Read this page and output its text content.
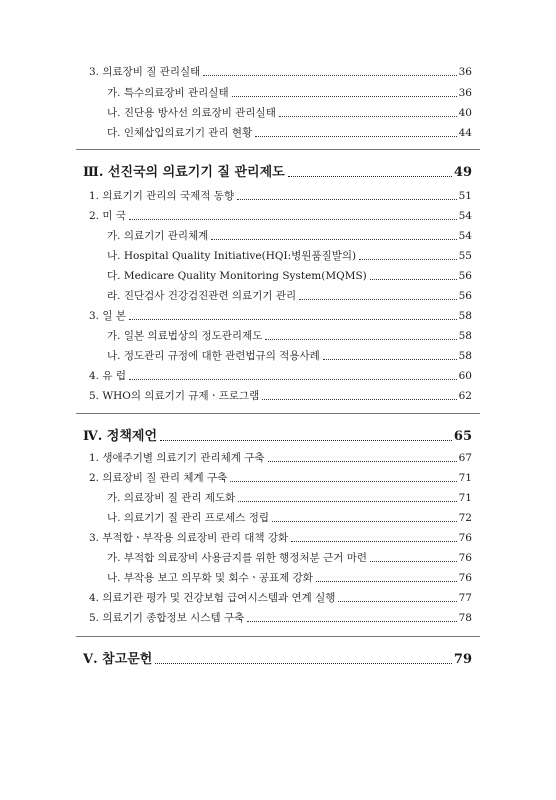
3. 의료장비 질 관리실태	36
가. 특수의료장비 관리실태	36
나. 진단용 방사선 의료장비 관리실태	40
다. 인체삽입의료기기 관리 현황	44
Ⅲ. 선진국의 의료기기 질 관리제도	49
1. 의료기기 관리의 국제적 동향	51
2. 미 국	54
가. 의료기기 관리체계	54
나. Hospital Quality Initiative(HQI:병원품질발의)	55
다. Medicare Quality Monitoring System(MQMS)	56
라. 진단검사 건강검진관련 의료기기 관리	56
3. 일 본	58
가. 일본 의료법상의 정도관리제도	58
나. 정도관리 규정에 대한 관련법규의 적용사례	58
4. 유 럽	60
5. WHO의 의료기기 규제ㆍ프로그램	62
Ⅳ. 정책제언	65
1. 생애주기별 의료기기 관리체계 구축	67
2. 의료장비 질 관리 체계 구축	71
가. 의료장비 질 관리 제도화	71
나. 의료기기 질 관리 프로세스 정립	72
3. 부적합ㆍ부작용 의료장비 관리 대책 강화	76
가. 부적합 의료장비 사용금지를 위한 행정처분 근거 마련	76
나. 부작용 보고 의무화 및 회수ㆍ공표제 강화	76
4. 의료기관 평가 및 건강보험 급여시스템과 연계 실행	77
5. 의료기기 종합정보 시스템 구축	78
Ⅴ. 참고문헌	79
